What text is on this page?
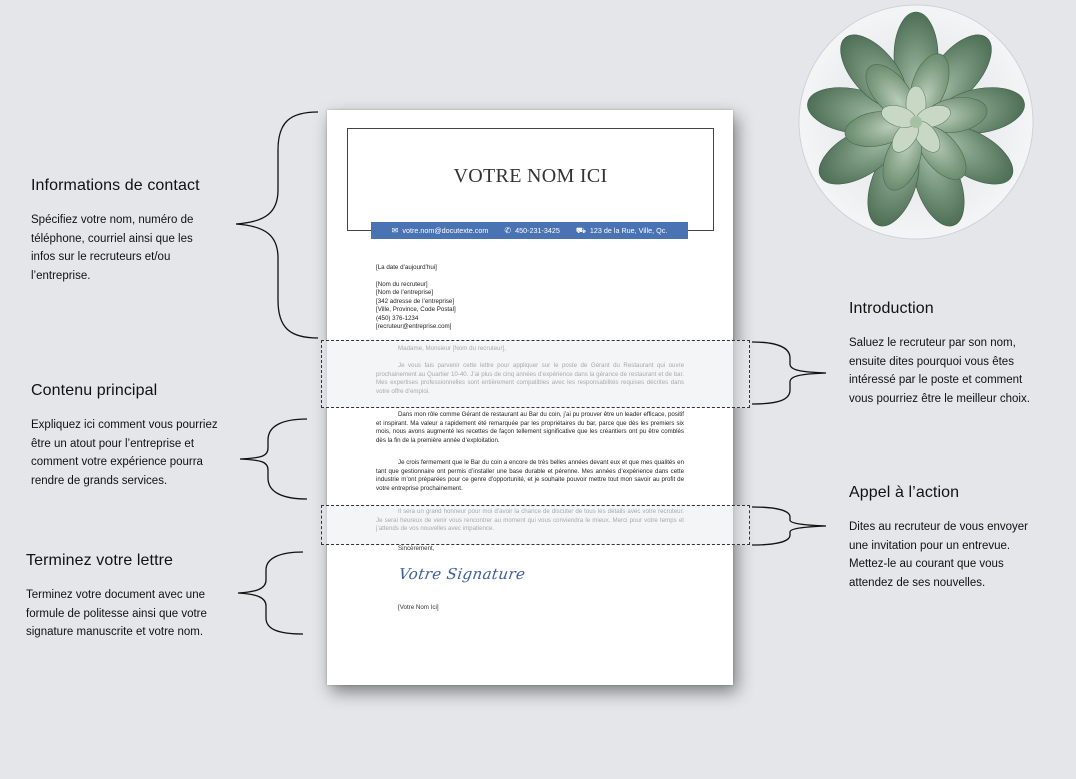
VOTRE NOM ICI
✉ votre.nom@docutexte.com ✆ 450-231-3425 ⛟ 123 de la Rue, Ville, Qc.
[La date d’aujourd’hui]
[Nom du recruteur]
[Nom de l’entreprise]
[342 adresse de l’entreprise]
[Ville, Province, Code Postal]
(450) 376-1234
[recruteur@entreprise.com]
Dans mon rôle comme Gérant de restaurant au Bar du coin, j’ai pu prouver être un leader efficace, positif et inspirant. Ma valeur a rapidement été remarquée par les propriétaires du bar, parce que dès les premiers six mois, nous avons augmenté les recettes de façon tellement significative que les créantiers ont pu être comblés dès la fin de la première année d’exploitation.
Je crois fermement que le Bar du coin a encore de très belles années devant eux et que mes qualités en tant que gestionnaire ont permis d’installer une base durable et pérenne. Mes années d’expérience dans cette industrie m’ont préparées pour ce genre d’opportunité, et je souhaite pouvoir mettre tout mon savoir au profit de votre entreprise prochainement.
Sincèrement,
Votre Signature
[Votre Nom Ici]
Informations de contact
Spécifiez votre nom, numéro de
téléphone, courriel ainsi que les
infos sur le recruteurs et/ou
l’entreprise.
Contenu principal
Expliquez ici comment vous pourriez
être un atout pour l’entreprise et
comment votre expérience pourra
rendre de grands services.
Terminez votre lettre
Terminez votre document avec une
formule de politesse ainsi que votre
signature manuscrite et votre nom.
Introduction
Saluez le recruteur par son nom,
ensuite dites pourquoi vous êtes
intéressé par le poste et comment
vous pourriez être le meilleur choix.
Appel à l’action
Dites au recruteur de vous envoyer
une invitation pour un entrevue.
Mettez-le au courant que vous
attendez de ses nouvelles.
